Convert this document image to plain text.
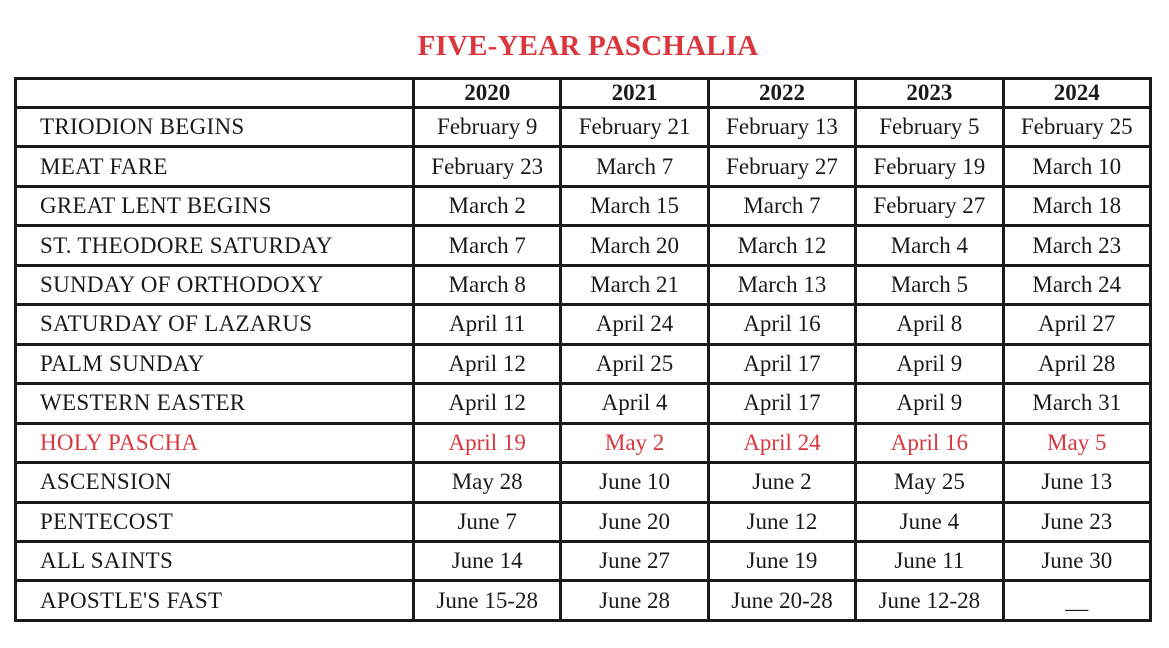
FIVE-YEAR PASCHALIA
	2020	2021	2022	2023	2024
TRIODION BEGINS	February 9	February 21	February 13	February 5	February 25
MEAT FARE	February 23	March 7	February 27	February 19	March 10
GREAT LENT BEGINS	March 2	March 15	March 7	February 27	March 18
ST. THEODORE SATURDAY	March 7	March 20	March 12	March 4	March 23
SUNDAY OF ORTHODOXY	March 8	March 21	March 13	March 5	March 24
SATURDAY OF LAZARUS	April 11	April 24	April 16	April 8	April 27
PALM SUNDAY	April 12	April 25	April 17	April 9	April 28
WESTERN EASTER	April 12	April 4	April 17	April 9	March 31
HOLY PASCHA	April 19	May 2	April 24	April 16	May 5
ASCENSION	May 28	June 10	June 2	May 25	June 13
PENTECOST	June 7	June 20	June 12	June 4	June 23
ALL SAINTS	June 14	June 27	June 19	June 11	June 30
APOSTLE'S FAST	June 15-28	June 28	June 20-28	June 12-28	__
